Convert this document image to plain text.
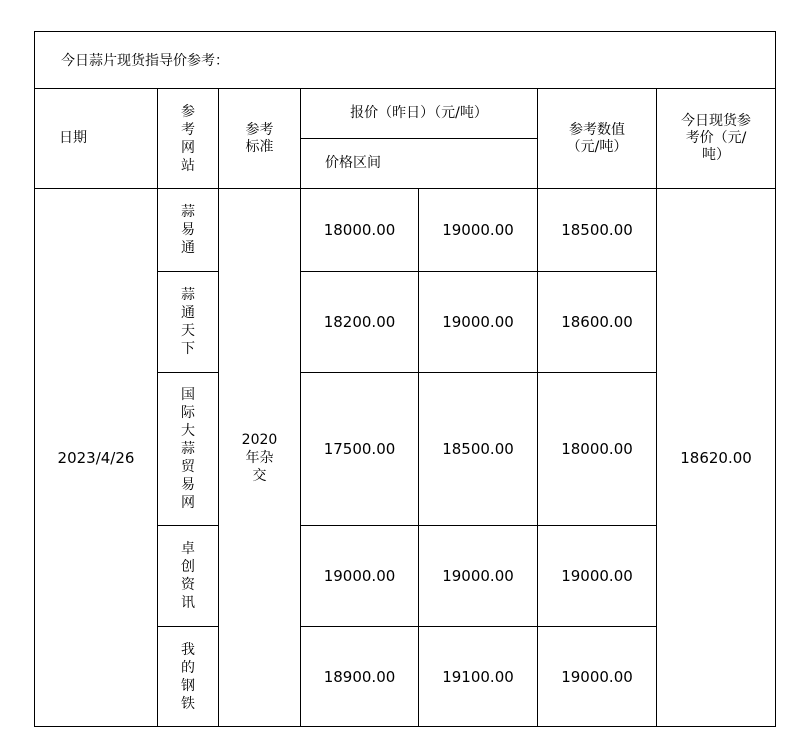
今日蒜片现货指导价参考：						
日期	参考网站	参考标准	报价（昨日）（元/吨）		参考数值（元/吨）	今日现货参考价（元/吨）

			价格区间			
2023/4/26	蒜易通	2020年杂交	18000.00	19000.00	18500.00	18620.00
	蒜通天下		18200.00	19000.00	18600.00	
	国际大蒜贸易网		17500.00	18500.00	18000.00	
	卓创资讯		19000.00	19000.00	19000.00	
	我的钢铁		18900.00	19100.00	19000.00	
